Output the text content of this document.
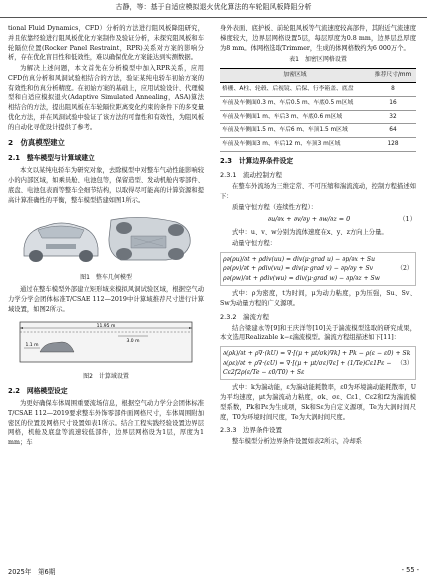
古静，等：基于自适应模拟退火优化算法的车轮阻风板降阻分析

tional Fluid Dynamics，CFD）分析的方法进行阻风板降阻研究，并且依靠经验进行阻风板优化方案制作及验证分析，未探究阻风板和车轮隔位位置(Rocker Panel Restraint，RPR)关系对方案的影响分析，存在优化盲目性和低效性，难以确保优化方案能达到实测数据。

为解决上述问题，本文首先在分析模型中加入RPR关系，应用CFD仿真分析和风洞试验相结合的方法，验证某纯电轿车初始方案的有效性和仿真分析精度。在初始方案的基础上，应用试验设计、代理模型和自适应模拟退火(Adaptive Simulated Annealing，ASA)算法相结合的方法，提出阻风板在车轮隔位距离变化约束的条件下的多变量优化方法，并在风洞试验中验证了该方法的可靠性和有效性，为阻风板的自动化寻优设计提供了参考。

2　仿真模型建立
2.1　整车模型与计算域建立

本文以某纯电轿车为研究对象，去除模型中对整车气动性能影响较小的内部区域，如乘员舱、电池包等，保留造型、发动机舱内零部件、底盘、电池包表面等整车全细节结构，以取得尽可能高的计算资源和提高计算准确性的平衡，整车模型搭建如图1所示。

图1　整车几何模型

通过在整车模型外部建立矩形域来模拟风洞试验区域，根据空气动力学分学会团体标准T/CSAE 112—2019中计算域推荐尺寸进行计算域设置，如图2所示。

11.95 m
1.1 m
3.0 m
图2　计算域设置
2.2　网格模型设定

为更好确保车体周围重要流场信息，根据空气动力学分会团体标准T/CSAE 112—2019要求整车外饰零部件面网格尺寸，车体周围附加密区的位置及网格尺寸设置如表1所示。结合工程实践经验设置边界层网格，机舱及底盘等流速较低部件，边界层网格设为1层，厚度为1 mm；车

身外表面、底护板、前轮阻风板等气流速度较高部件，其附近气流速度梯度较大，边界层网格设置5层，每层厚度为0.8 mm，边界层总厚度为8 mm。体网格选取Trimmer，生成的体网格数约为6 000万个。

表1　加密区网格设置
加密区域	推荐尺寸/mm
格栅、A柱、轮毂、后视镜、后保、行李箱盖、底盘	8
车前及车侧面0.3 m、车后0.5 m、车底0.5 m区域	16
车前及车侧面1 m、车后3 m、车底0.6 m区域	32
车前及车侧面1.5 m、车后6 m、车顶1.5 m区域	64
车前及车侧面3 m、车后12 m、车顶3 m区域	128
2.3　计算边界条件设定
2.3.1　流动控制方程

在整车外流场为三维定常、不可压缩和湍流流动，控制方程描述如下：

质量守恒方程（连续性方程）：

∂u/∂x + ∂v/∂y + ∂w/∂z = 0	（1）

式中：u、v、w分别为流体速度在x、y、z方向上分量。

动量守恒方程：

ρ∂(ρu)/∂t + ρdiv(uu) = div(μ·grad u) − ∂p/∂x + Su
ρ∂(ρv)/∂t + ρdiv(vu) = div(μ·grad v) − ∂p/∂y + Sv	（2）
ρ∂(ρw)/∂t + ρdiv(wu) = div(μ·grad w) − ∂p/∂z + Sw

式中：ρ为密度，t为时间，μ为动力粘度，p为压强，Su、Sv、Sw为动量方程的广义源项。

2.3.2　湍流方程

结合梁建永等[9]和王庆洋等[10]关于湍流模型选取的研究成果，本文选用Realizable k−ε湍流模型。湍流方程组描述如下[11]：

∂(ρk)/∂t + ρ∇·(kU) = ∇·[(μ + μt/σk)∇k] + Pk − ρ(ε − ε0) + Sk
∂(ρε)/∂t + ρ∇·(εU) = ∇·[(μ + μt/σε)∇ε] + (1/Te)Cε1Pε − Cε2f2ρ(ε/Te − ε0/T0) + Sε
（3）

式中：k为湍动能，ε为湍动能耗散率，ε0为环境湍动能耗散率，U为平均速度，μt为湍流动力粘度，σk、σε、Cε1、Cε2和f2为湍流模型系数，Pk和Pε为生成项，Sk和Sε为自定义源项，Te为大涡时间尺度，T0为环境时间尺度，Te为大涡时间尺度。

2.3.3　边界条件设置

整车模型分析边界条件设置如表2所示，冷却系

2025年　第6期	- 55 -
